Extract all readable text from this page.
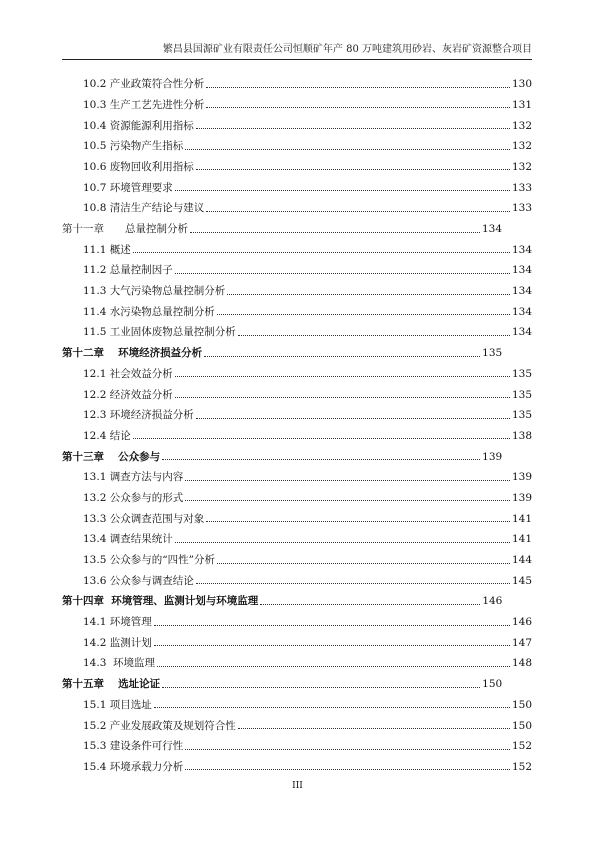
繁昌县国源矿业有限责任公司恒顺矿年产 80 万吨建筑用砂岩、灰岩矿资源整合项目
10.2 产业政策符合性分析	130
10.3 生产工艺先进性分析	131
10.4 资源能源利用指标	132
10.5 污染物产生指标	132
10.6 废物回收利用指标	132
10.7 环境管理要求	133
10.8 清洁生产结论与建议	133
第十一章　　总量控制分析	134
11.1 概述	134
11.2 总量控制因子	134
11.3 大气污染物总量控制分析	134
11.4 水污染物总量控制分析	134
11.5 工业固体废物总量控制分析	134
第十二章　 环境经济损益分析	135
12.1 社会效益分析	135
12.2 经济效益分析	135
12.3 环境经济损益分析	135
12.4 结论	138
第十三章　 公众参与	139
13.1 调查方法与内容	139
13.2 公众参与的形式	139
13.3 公众调查范围与对象	141
13.4 调查结果统计	141
13.5 公众参与的“四性”分析	144
13.6 公众参与调查结论	145
第十四章  环境管理、监测计划与环境监理	146
14.1 环境管理	146
14.2 监测计划	147
14.3  环境监理	148
第十五章　 选址论证	150
15.1 项目选址	150
15.2 产业发展政策及规划符合性	150
15.3 建设条件可行性	152
15.4 环境承载力分析	152
III
